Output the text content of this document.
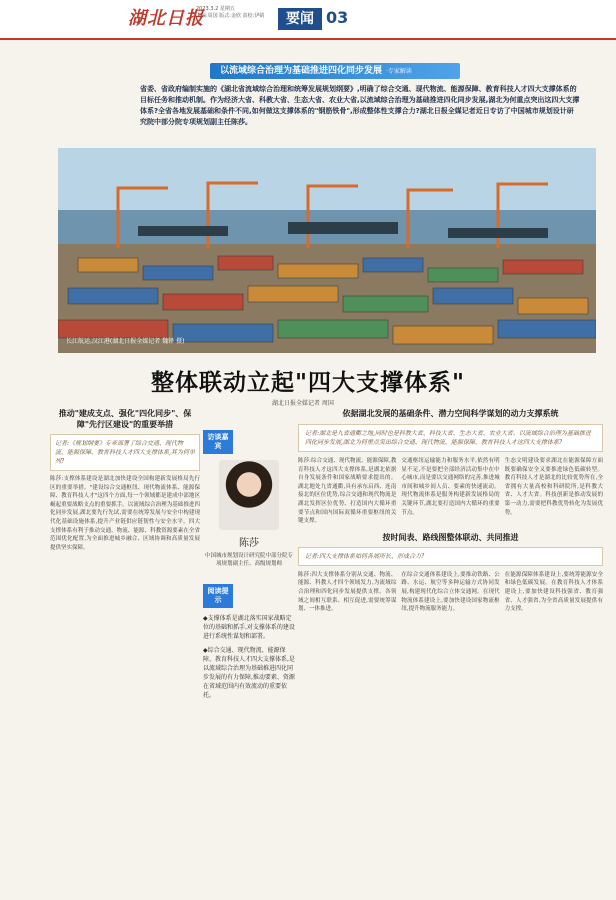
湖北日报
2023.3.2 星期五
主编:周国 版式:金欣 责校:伊婧	要闻 03
以流域综合治理为基础推进四化同步发展 ·专家解读
省委、省政府编制实施的《湖北省流域综合治理和统筹发展规划纲要》,明确了综合交通、现代物流、能源保障、教育科技人才四大支撑体系的目标任务和推动机制。作为经济大省、科教大省、生态大省、农业大省,以流域综合治理为基础推进四化同步发展,湖北为何重点突出这四大支撑体系?全省各地发展基础和条件不同,如何做这支撑体系的"钢筋铁骨",形成整体性支撑合力?湖北日报全媒记者近日专访了中国城市规划设计研究院中部分院专项规划副主任陈莎。
长江航运,汉江港(湖北日报全媒记者 魏铎 摄)
整体联动立起"四大支撑体系"
湖北日报全媒记者 周国
推动"建成支点、强化"四化同步"、保障"先行区建设"的重要举措
记者:《规划纲要》专章部署了综合交通、现代物流、能源保障、教育科技人才四大支撑体系,其为何单列?
陈莎:支撑体系建设是湖北加快建设全国构建新发展格局先行区的重要举措。"建设综合交通枢纽、现代物流体系、能源保障、教育科技人才"这四个方面,每一个领域都是建成中部地区崛起重要战略支点的重要抓手。以流域综合治理为基础推进四化同步发展,湖北要先行先试,需要在统筹发展与安全中构建现代化基础设施体系,提升产业链供应链韧性与安全水平。四大支撑体系有利于推动交通、物流、能源、科教资源要素在全省范围优化配置,为全面推进城乡融合、区域协调和高质量发展提供坚实保障。
访谈嘉宾
陈莎
中国城市规划设计研究院中部分院专项规划副主任、高级规划师
阅读提示
◆支撑体系是湖北落实国家战略定位的基础和抓手,对支撑体系的建设进行系统性谋划和部署。
◆综合交通、现代物流、能源保障、教育科技人才四大支撑体系,是以流域综合治理为基础推进四化同步发展的有力保障,推动要素、资源在省域范围内有效流动的重要依托。
依据湖北发展的基础条件、潜力空间科学谋划的动力支撑系统
记者:湖北是九省通衢之地,同时也是科教大省、科技大省、生态大省、农业大省。以流域综合治理为基础推进四化同步发展,湖北为何重点突出综合交通、现代物流、能源保障、教育科技人才这四大支撑体系?
陈莎:综合交通、现代物流、能源保障,教育科技人才这四大支撑体系,是湖北依据自身发展条件和国家战略要求提出的。湖北地处九省通衢,具有承东启西、连南接北的区位优势,综合交通和现代物流是湖北发挥区位优势、打造国内大循环重要节点和国内国际双循环重要枢纽的关键支撑。
交通枢纽运输能力和服务水平,依然有明显不足,不是要把全部经济活动集中在中心城市,而是要以交通网络的完善,推进城市间和城乡间人员、要素的快速流动。现代物流体系是服务构建新发展格局的关键环节,湖北要打造国内大循环的重要节点。
生态文明建设要求湖北在能源保障方面既要确保安全又要推进绿色低碳转型。教育科技人才是湖北的比较优势所在,全省拥有大量高校和科研院所,是科教大省、人才大省。科技创新是推动发展的第一动力,需要把科教优势转化为发展优势。
按时间表、路线图整体联动、共同推进
记者:四大支撑体系如何各展所长、形成合力?
陈莎:四大支撑体系分别从交通、物流、能源、科教人才四个领域发力,为流域综合治理和四化同步发展提供支撑。各领域之间相互联系、相互促进,需要统筹谋划、一体推进。
在综合交通体系建设上,要推动铁路、公路、水运、航空等多种运输方式协同发展,构建现代化综合立体交通网。在现代物流体系建设上,要加快建设国家物流枢纽,提升物流服务能力。
在能源保障体系建设上,要统筹能源安全和绿色低碳发展。在教育科技人才体系建设上,要加快建设科技强省、教育强省、人才强省,为全省高质量发展提供有力支撑。
